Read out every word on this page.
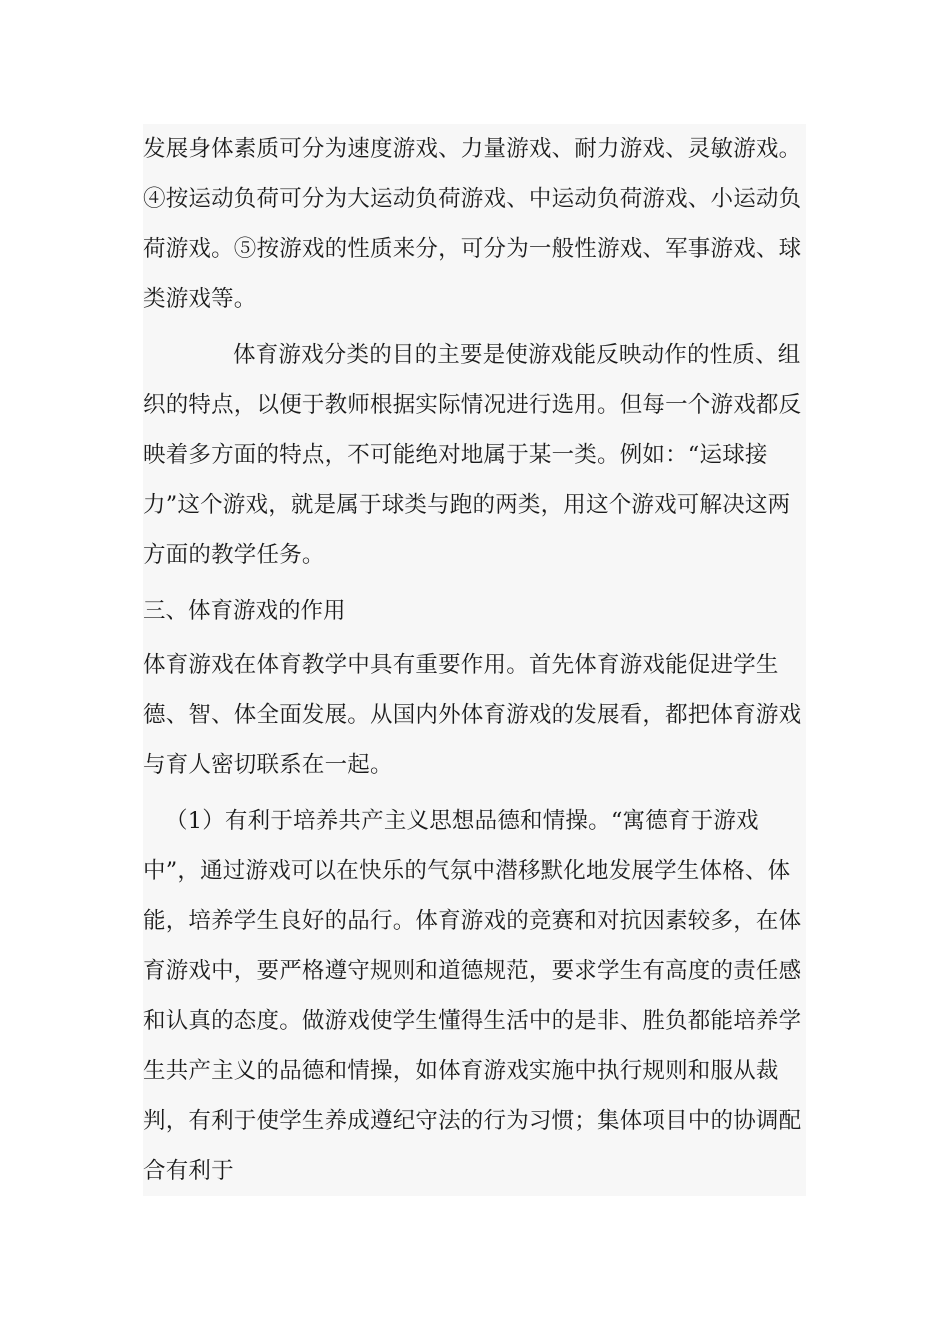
发展身体素质可分为速度游戏、力量游戏、耐力游戏、灵敏游戏。④按运动负荷可分为大运动负荷游戏、中运动负荷游戏、小运动负荷游戏。⑤按游戏的性质来分，可分为一般性游戏、军事游戏、球类游戏等。

体育游戏分类的目的主要是使游戏能反映动作的性质、组织的特点，以便于教师根据实际情况进行选用。但每一个游戏都反映着多方面的特点，不可能绝对地属于某一类。例如：“运球接力”这个游戏，就是属于球类与跑的两类，用这个游戏可解决这两方面的教学任务。

三、体育游戏的作用

体育游戏在体育教学中具有重要作用。首先体育游戏能促进学生德、智、体全面发展。从国内外体育游戏的发展看，都把体育游戏与育人密切联系在一起。

（1）有利于培养共产主义思想品德和情操。“寓德育于游戏中”，通过游戏可以在快乐的气氛中潜移默化地发展学生体格、体能，培养学生良好的品行。体育游戏的竞赛和对抗因素较多，在体育游戏中，要严格遵守规则和道德规范，要求学生有高度的责任感和认真的态度。做游戏使学生懂得生活中的是非、胜负都能培养学生共产主义的品德和情操，如体育游戏实施中执行规则和服从裁判，有利于使学生养成遵纪守法的行为习惯；集体项目中的协调配合有利于
